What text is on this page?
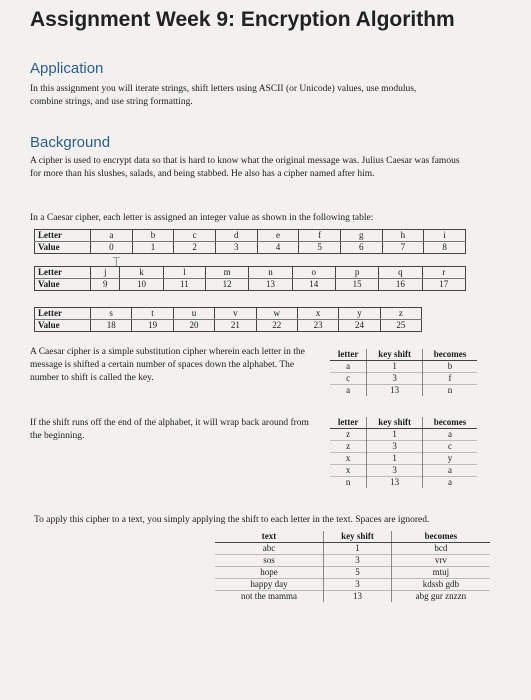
Assignment Week 9: Encryption Algorithm
Application
In this assignment you will iterate strings, shift letters using ASCII (or Unicode) values, use modulus, combine strings, and use string formatting.
Background
A cipher is used to encrypt data so that is hard to know what the original message was. Julius Caesar was famous for more than his slushes, salads, and being stabbed. He also has a cipher named after him.
In a Caesar cipher, each letter is assigned an integer value as shown in the following table:
Letter	a	b	c	d	e	f	g	h	i
Value	0	1	2	3	4	5	6	7	8
⌶
Letter	j	k	l	m	n	o	p	q	r
Value	9	10	11	12	13	14	15	16	17
Letter	s	t	u	v	w	x	y	z
Value	18	19	20	21	22	23	24	25
A Caesar cipher is a simple substitution cipher wherein each letter in the message is shifted a certain number of spaces down the alphabet. The number to shift is called the key.
letter	key shift	becomes
a	1	b
c	3	f
a	13	n
If the shift runs off the end of the alphabet, it will wrap back around from the beginning.
letter	key shift	becomes
z	1	a
z	3	c
x	1	y
x	3	a
n	13	a
To apply this cipher to a text, you simply applying the shift to each letter in the text. Spaces are ignored.
text	key shift	becomes
abc	1	bcd
sos	3	vrv
hope	5	mtuj
happy day	3	kdssb gdb
not the mamma	13	abg gur znzzn
